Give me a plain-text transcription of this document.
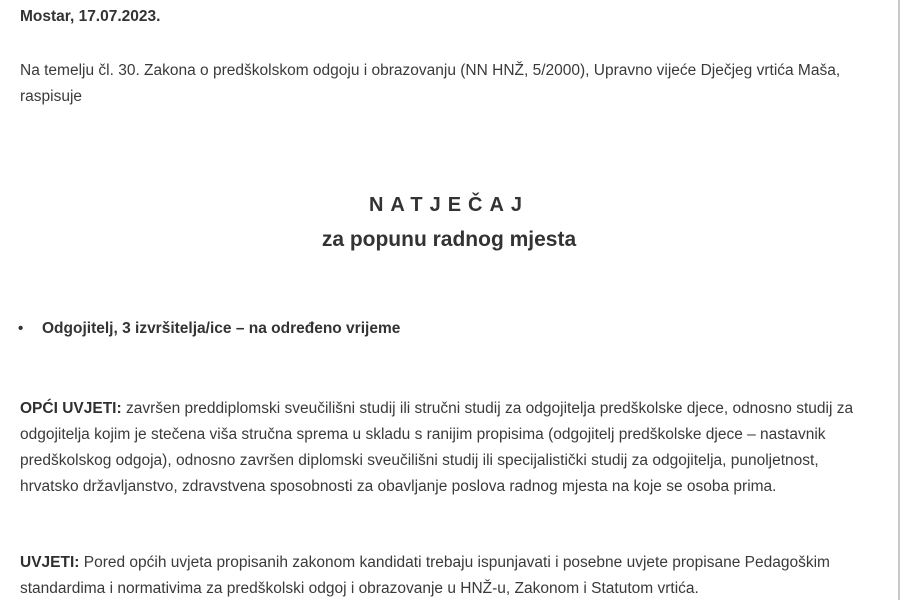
Mostar, 17.07.2023.

Na temelju čl. 30. Zakona o predškolskom odgoju i obrazovanju (NN HNŽ, 5/2000), Upravno vijeće Dječjeg vrtića Maša, raspisuje

NATJEČAJ
za popunu radnog mjesta
• Odgojitelj, 3 izvršitelja/ice – na određeno vrijeme

OPĆI UVJETI: završen preddiplomski sveučilišni studij ili stručni studij za odgojitelja predškolske djece, odnosno studij za odgojitelja kojim je stečena viša stručna sprema u skladu s ranijim propisima (odgojitelj predškolske djece – nastavnik predškolskog odgoja), odnosno završen diplomski sveučilišni studij ili specijalistički studij za odgojitelja, punoljetnost, hrvatsko državljanstvo, zdravstvena sposobnosti za obavljanje poslova radnog mjesta na koje se osoba prima.

UVJETI: Pored općih uvjeta propisanih zakonom kandidati trebaju ispunjavati i posebne uvjete propisane Pedagoškim standardima i normativima za predškolski odgoj i obrazovanje u HNŽ-u, Zakonom i Statutom vrtića.
